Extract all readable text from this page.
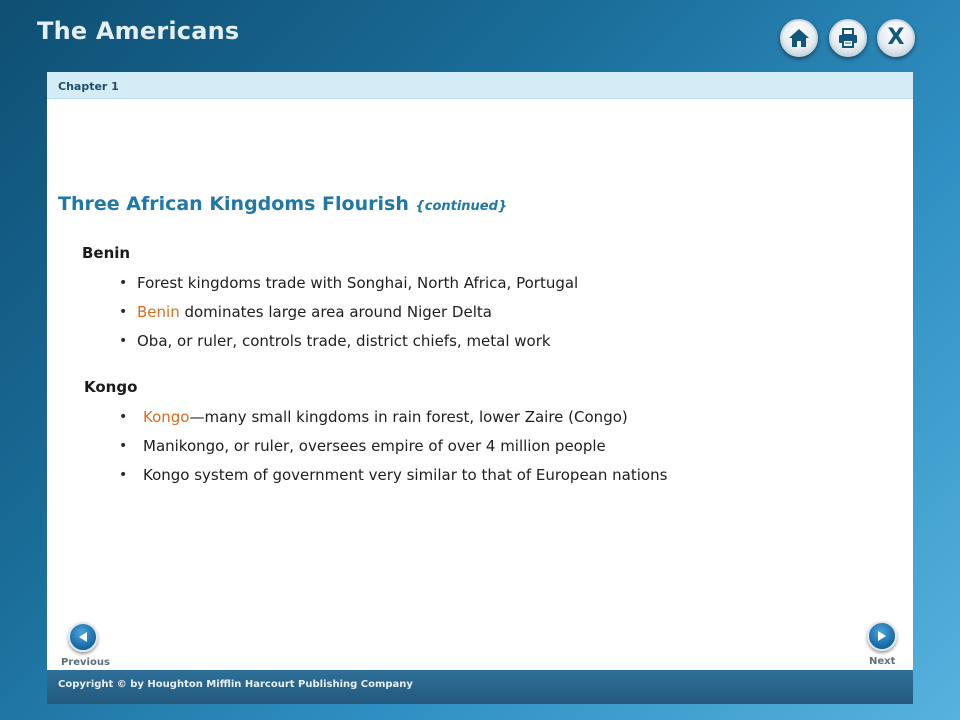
The Americans	X
Chapter 1
Three African Kingdoms Flourish {continued}
Benin
• Forest kingdoms trade with Songhai, North Africa, Portugal
• Benin dominates large area around Niger Delta
• Oba, or ruler, controls trade, district chiefs, metal work
Kongo
• Kongo—many small kingdoms in rain forest, lower Zaire (Congo)
• Manikongo, or ruler, oversees empire of over 4 million people
• Kongo system of government very similar to that of European nations
Previous	Next
Copyright © by Houghton Mifflin Harcourt Publishing Company
